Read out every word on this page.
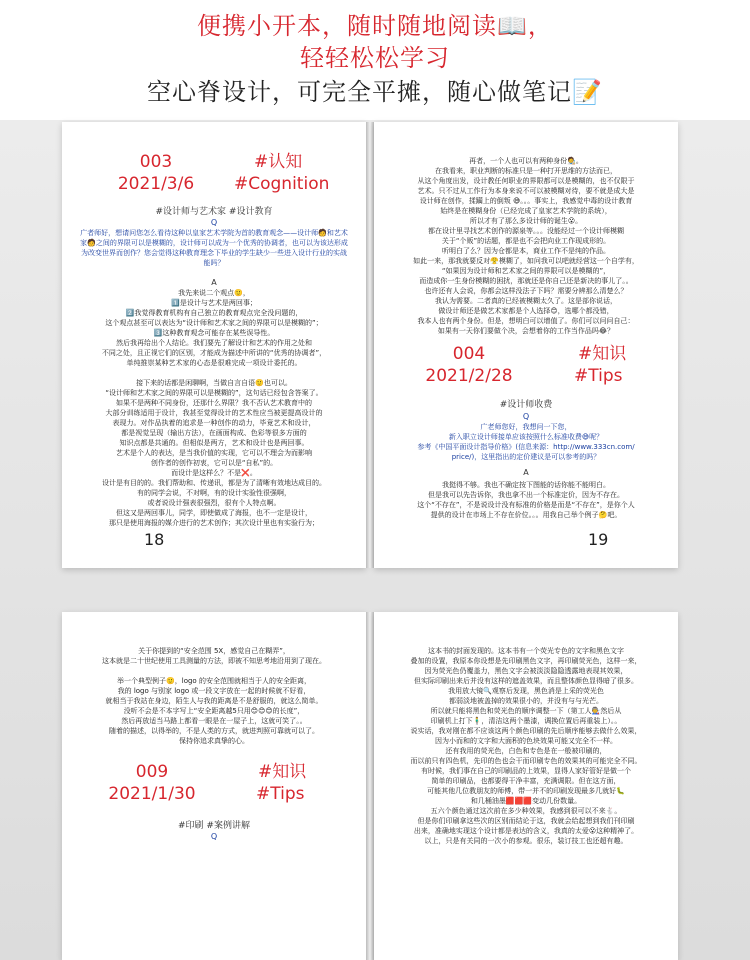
便携小开本，随时随地阅读📖，
轻轻松松学习
空心脊设计，可完全平摊，随心做笔记📝
003
2021/3/6
#认知
#Cognition
#设计师与艺术家 #设计教育
Q
广者师好，想请问您怎么看待这种以皇家艺术学院为首的教育观念——设计师🧑和艺术家🧑之间的界限可以是模糊的，设计师可以成为一个优秀的协调者，也可以为该达形成为改变世界而创作？您会觉得这种教育理念下毕业的学生缺少一些进入设计行业的实战能吗？
A
我先来说二个观点🙂，
1️⃣是设计与艺术是两回事；
2️⃣我觉得教育机构有自己独立的教育观点完全没问题的，
这个观点甚至可以表达为“设计师和艺术家之间的界限可以是模糊的”；
3️⃣这种教育观念可能存在某些误导性。
然后我再给出个人结论。我们要先了解设计和艺术的作用之处和
不同之处，且正视它们的区别，才能成为描述中所讲的“优秀的协调者”，
单纯推崇某种艺术家的心态是很难完成一项设计委托的。
接下来的话都是闲聊啊，当做自言自语🙂也可以。
“设计师和艺术家之间的界限可以是模糊的”，这句话已经包含答案了。
如果不是两种不同身份，还那什么界限？我不否认艺术教育中的
大部分训练适用于设计，我甚至觉得设计的艺术性应当被更提高设计的
表现力。对作品执着的追求是一种创作的动力，毕竟艺术和设计，
都是视觉呈现（输出方法），在画面构成、色彩等很多方面的
知识点都是共通的。但相似是两方，艺术和设计也是两回事。
艺术是个人的表达，是当我价值的实现，它可以不理会为而影响
创作者的创作初衷，它可以是“自私”的。
而设计是这样么？不是❌。
设计是有目的的。我们帮助和、传递讯，都是为了清晰有效地达成目的。
有的同学会说，不对啊，有的设计实验性很强啊，
或者说设计强表很强烈，很有个人特点啊。
但这又是两回事儿，同学，即使做成了海报，也不一定是设计，
那只是使用海报的媒介进行的艺术创作；其次设计里也有实验行为；
18
再者，一个人也可以有两种身份🧑‍🎨。
在我看来，职业判断的标准只是一种打开思维的方法而已，
从这个角度出发，设计教任何职业的界限都可以是模糊的，也不仅限于
艺术。只不过从工作行为本身来说不可以被模糊对待，要不就是成大是
设计师在创作，揉躏上的倒叛 😅。。。事实上，我感觉中毒的设计教育
始终是在模糊身份（已经完成了皇家艺术学院的系统），
所以才有了那么多设计师的诞生😮。
都在设计里寻找艺术创作的源泉等。。。没能经过一个设计师模糊
关于“个贩”的话题，都是也不会把向业工作现成形的。
听明白了么？因为仓都是本，商业工作不是纯的作品。
如此一来，那我就要反对😤模糊了，如问我可以吧就经营这一个自学有，
“如果因为设计师和艺术家之间的界限可以是模糊的”，
而造成你一生身份模糊的困扰，那就还是你自己还是新决的事儿了。。
也许还有人会说，你都会这样没法子下吗？需要分辨那么清楚么？
我认为需要。二者真的已经被模糊太久了。这是部你说话，
做设计师还是做艺术家都是个人选择😊，选哪个都没错，
我本人也有两个身份。但是，想明白可以增值了。你们可以问问自己：
如果有一天你们要做个决，会想着你的工作当作品吗😂？
004
2021/2/28
#知识
#Tips
#设计师收费
Q
广老师您好，我想问一下您，
新入职立设计师接单应该按照什么标准收费😅呢？
参考《中国平面设计指导价格》(信息来源：http://www.333cn.com/
price/)，这里指出的定价建议是可以参考的吗？
A
我挺得不够。我也不确定按下图能的话你能不能明白。
但是我可以先告诉你，我也拿不出一个标准定价，因为不存在。
这个“不存在”，不是说设计没有标准的价格是而是“不存在”，是你个人
提供的设计在市场上不存在价位。。。用我自己举个例子🤔吧。
19
关于你提到的“安全范围 5X，感觉自己在糊弄”，
这本就是二十世纪使用工具测量的方法，即被不知思考地沿用到了现在。
举一个典型例子🙂，logo 的安全范围就相当于人的安全距离，
我的 logo 与别家 logo 或一段文字放在一起的时候就不好看，
就相当于我站在身边，陌生人与我的距离是不是舒服的，就这么简单。
没听不会是不本字写上“安全距离越5只用😊😊😊的长度”，
然后再放适当马路上都看一眼是在一屋子上，这就可笑了。。
随着的描述，以得举的，不是人类的方式，就进判照可靠就可以了。
保持你追求真挚的心。
009
2021/1/30
#知识
#Tips
#印刷 #案例讲解
Q
这本书的封面发现的。这本书有一个荧光专色的文字和黑色文字
叠加的设置，我原本你设想是先印刷黑色文字，再印刷荧光色，这样一来，
因为荧光色仍覆盖力，黑色文字会被淡淡隐隐透露地表现其效果，
但实际印刷出来后并没有这样的遮盖效果，而且整体颜色显得暗了很多。
我用放大镜🔍观察后发现，黑色消是上采的荧光色
都弱淡地被盖掉的效果很小的，并没有与与光芒。
所以就只能将黑色和荧光色的顺序调整一下（第工人🧑‍🏭然后从
印刷机上打下🧍‍♂️，清洁这两个墨漆，调换位置后再重装上）。。
说实话，我对刚在都不应该这两个颜色印刷的先后顺序能够去做什么效果，
因为小而和的文字和大面积的色块效果可能又完全不一样。
还有我用的荧光色，白色和专色是在一般被印刷的，
而以前只有四色机，先印的色也会干而印刷专色的效果其的可能完全不同。
有时候，我们事在自己的印刷品的上效果，显得人家好管好是做一个
简单的印刷品，也都要得干净丰富，充满调限。但在这方面，
可能其他几位教朋友的师傅，带一并不的印刷发现最多几就好🐛
和几桶油墨🟥🟥🟥变动几份数量。
五六个颜色通过这次前在多少种效果，我感到很可以不来🐇。
但是你们印刷拿这些次的区别而结论于这，我就会给起想到我们刊印刷
出来，准确地实现这个设计都是表达的含义，我真的太爱😮这种精神了。
以上，只是有关同的一次小的参观。很乐，装订技工也还超有趣。
